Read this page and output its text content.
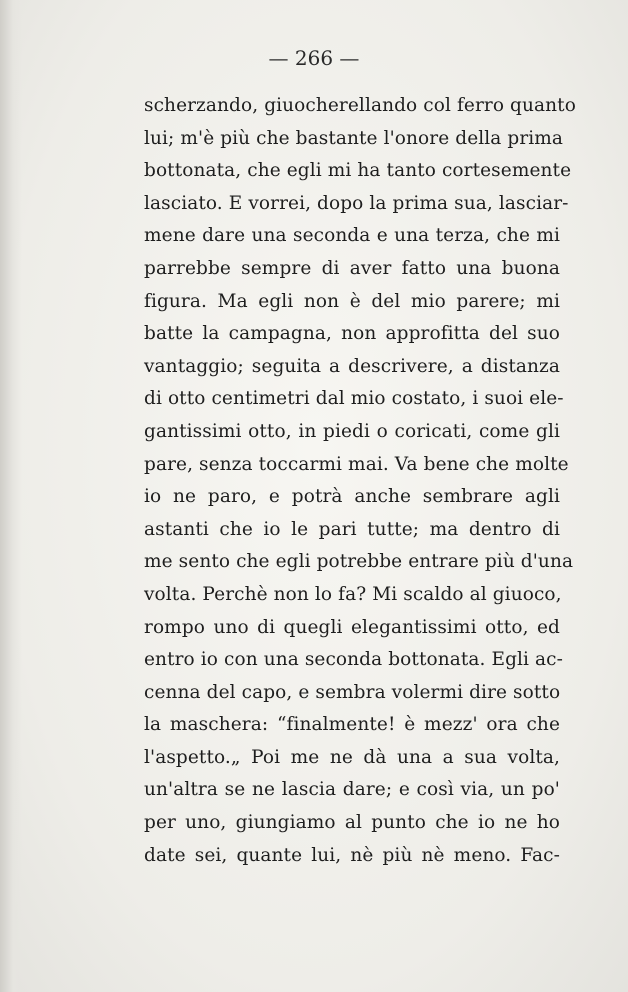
— 266 —
scherzando, giuocherellando col ferro quanto
lui; m'è più che bastante l'onore della prima
bottonata, che egli mi ha tanto cortesemente
lasciato. E vorrei, dopo la prima sua, lasciar-
mene dare una seconda e una terza, che mi
parrebbe sempre di aver fatto una buona
figura. Ma egli non è del mio parere; mi
batte la campagna, non approfitta del suo
vantaggio; seguita a descrivere, a distanza
di otto centimetri dal mio costato, i suoi ele-
gantissimi otto, in piedi o coricati, come gli
pare, senza toccarmi mai. Va bene che molte
io ne paro, e potrà anche sembrare agli
astanti che io le pari tutte; ma dentro di
me sento che egli potrebbe entrare più d'una
volta. Perchè non lo fa? Mi scaldo al giuoco,
rompo uno di quegli elegantissimi otto, ed
entro io con una seconda bottonata. Egli ac-
cenna del capo, e sembra volermi dire sotto
la maschera: “finalmente! è mezz' ora che
l'aspetto.„ Poi me ne dà una a sua volta,
un'altra se ne lascia dare; e così via, un po'
per uno, giungiamo al punto che io ne ho
date sei, quante lui, nè più nè meno. Fac-
